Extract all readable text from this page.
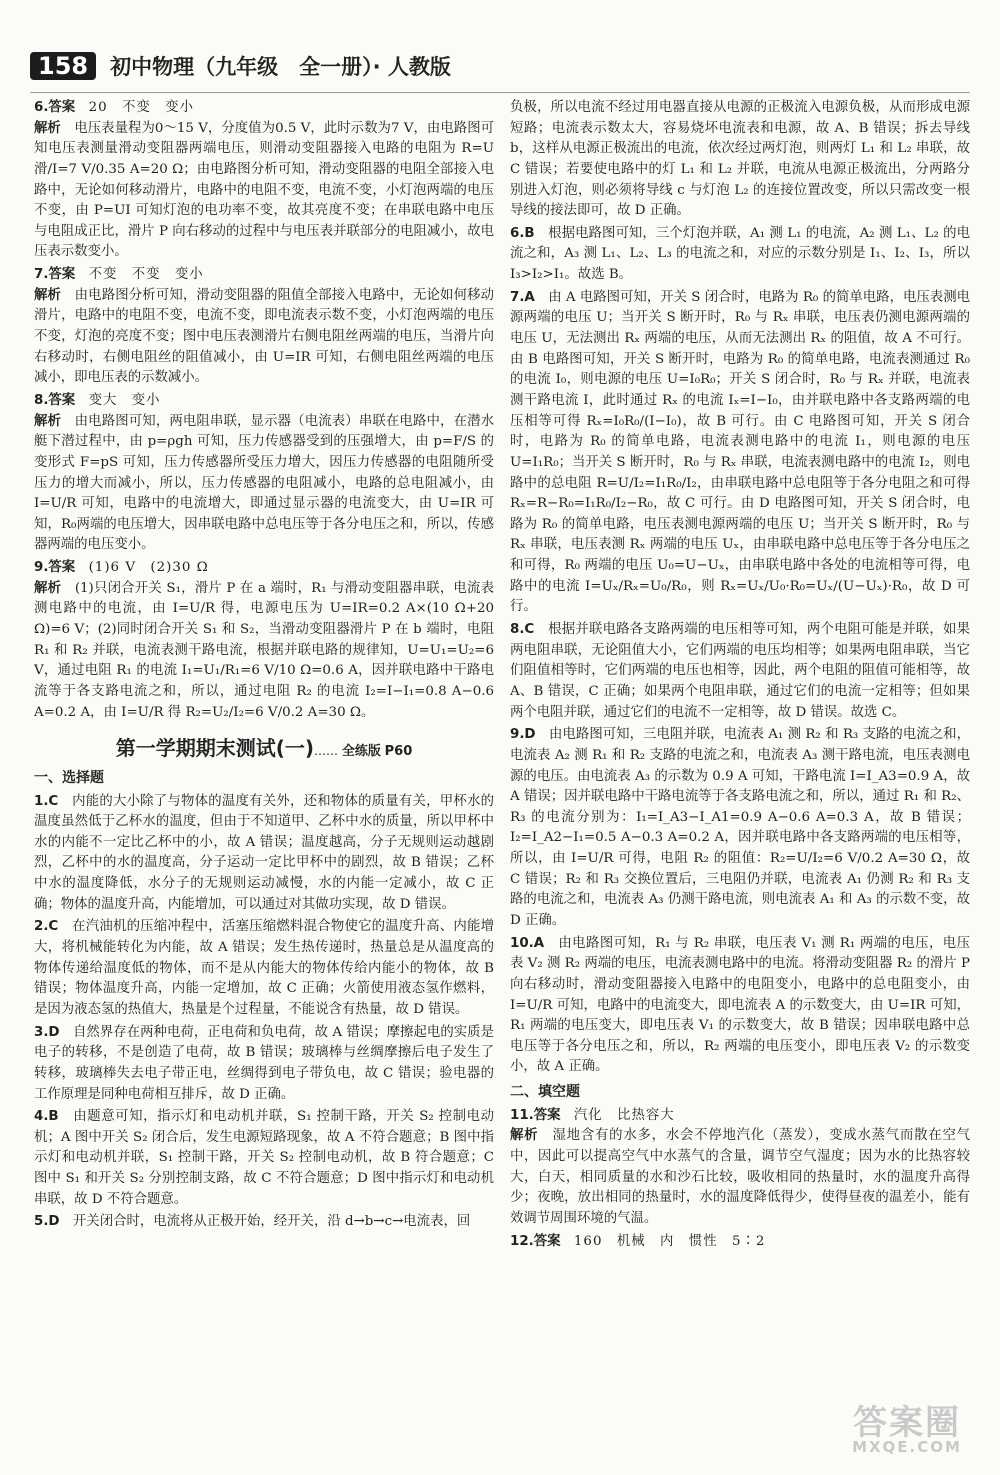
158	初中物理（九年级　全一册）· 人教版
6.答案　 20　不变　变小
解析　 电压表量程为0～15 V，分度值为0.5 V，此时示数为7 V，由电路图可知电压表测量滑动变阻器两端电压，则滑动变阻器接入电路的电阻为 R=U滑/I=7 V/0.35 A=20 Ω；由电路图分析可知，滑动变阻器的电阻全部接入电路中，无论如何移动滑片，电路中的电阻不变，电流不变，小灯泡两端的电压不变，由 P=UI 可知灯泡的电功率不变，故其亮度不变；在串联电路中电压与电阻成正比，滑片 P 向右移动的过程中与电压表并联部分的电阻减小，故电压表示数变小。
7.答案　 不变　不变　变小
解析　 由电路图分析可知，滑动变阻器的阻值全部接入电路中，无论如何移动滑片，电路中的电阻不变，电流不变，即电流表示数不变，小灯泡两端的电压不变，灯泡的亮度不变；图中电压表测滑片右侧电阻丝两端的电压，当滑片向右移动时，右侧电阻丝的阻值减小，由 U=IR 可知，右侧电阻丝两端的电压减小，即电压表的示数减小。
8.答案　 变大　变小
解析　 由电路图可知，两电阻串联，显示器（电流表）串联在电路中，在潜水艇下潜过程中，由 p=ρgh 可知，压力传感器受到的压强增大，由 p=F/S 的变形式 F=pS 可知，压力传感器所受压力增大，因压力传感器的电阻随所受压力的增大而减小，所以，压力传感器的电阻减小，电路的总电阻减小，由 I=U/R 可知，电路中的电流增大，即通过显示器的电流变大，由 U=IR 可知，R₀两端的电压增大，因串联电路中总电压等于各分电压之和，所以，传感器两端的电压变小。
9.答案　 (1)6 V　(2)30 Ω
解析　 (1)只闭合开关 S₁，滑片 P 在 a 端时，R₁ 与滑动变阻器串联，电流表测电路中的电流，由 I=U/R 得，电源电压为 U=IR=0.2 A×(10 Ω+20 Ω)=6 V；(2)同时闭合开关 S₁ 和 S₂，当滑动变阻器滑片 P 在 b 端时，电阻 R₁ 和 R₂ 并联，电流表测干路电流，根据并联电路的规律知，U=U₁=U₂=6 V，通过电阻 R₁ 的电流 I₁=U₁/R₁=6 V/10 Ω=0.6 A，因并联电路中干路电流等于各支路电流之和，所以，通过电阻 R₂ 的电流 I₂=I−I₁=0.8 A−0.6 A=0.2 A，由 I=U/R 得 R₂=U₂/I₂=6 V/0.2 A=30 Ω。
第一学期期末测试(一)…… 全练版 P60
一、选择题
1.C　 内能的大小除了与物体的温度有关外，还和物体的质量有关，甲杯水的温度虽然低于乙杯水的温度，但由于不知道甲、乙杯中水的质量，所以甲杯中水的内能不一定比乙杯中的小，故 A 错误；温度越高，分子无规则运动越剧烈，乙杯中的水的温度高，分子运动一定比甲杯中的剧烈，故 B 错误；乙杯中水的温度降低，水分子的无规则运动减慢，水的内能一定减小，故 C 正确；物体的温度升高，内能增加，可以通过对其做功实现，故 D 错误。
2.C　 在汽油机的压缩冲程中，活塞压缩燃料混合物使它的温度升高、内能增大，将机械能转化为内能，故 A 错误；发生热传递时，热量总是从温度高的物体传递给温度低的物体，而不是从内能大的物体传给内能小的物体，故 B 错误；物体温度升高，内能一定增加，故 C 正确；火箭使用液态氢作燃料，是因为液态氢的热值大，热量是个过程量，不能说含有热量，故 D 错误。
3.D　 自然界存在两种电荷，正电荷和负电荷，故 A 错误；摩擦起电的实质是电子的转移，不是创造了电荷，故 B 错误；玻璃棒与丝绸摩擦后电子发生了转移，玻璃棒失去电子带正电，丝绸得到电子带负电，故 C 错误；验电器的工作原理是同种电荷相互排斥，故 D 正确。
4.B　 由题意可知，指示灯和电动机并联，S₁ 控制干路，开关 S₂ 控制电动机；A 图中开关 S₂ 闭合后，发生电源短路现象，故 A 不符合题意；B 图中指示灯和电动机并联，S₁ 控制干路，开关 S₂ 控制电动机，故 B 符合题意；C 图中 S₁ 和开关 S₂ 分别控制支路，故 C 不符合题意；D 图中指示灯和电动机串联，故 D 不符合题意。
5.D　 开关闭合时，电流将从正极开始，经开关，沿 d→b→c→电流表，回
负极，所以电流不经过用电器直接从电源的正极流入电源负极，从而形成电源短路；电流表示数太大，容易烧坏电流表和电源，故 A、B 错误；拆去导线 b，这样从电源正极流出的电流，依次经过两灯泡，则两灯 L₁ 和 L₂ 串联，故 C 错误；若要使电路中的灯 L₁ 和 L₂ 并联，电流从电源正极流出，分两路分别进入灯泡，则必须将导线 c 与灯泡 L₂ 的连接位置改变，所以只需改变一根导线的接法即可，故 D 正确。
6.B　 根据电路图可知，三个灯泡并联，A₁ 测 L₁ 的电流，A₂ 测 L₁、L₂ 的电流之和，A₃ 测 L₁、L₂、L₃ 的电流之和，对应的示数分别是 I₁、I₂、I₃，所以 I₃>I₂>I₁。故选 B。
7.A　 由 A 电路图可知，开关 S 闭合时，电路为 R₀ 的简单电路，电压表测电源两端的电压 U；当开关 S 断开时，R₀ 与 Rₓ 串联，电压表仍测电源两端的电压 U，无法测出 Rₓ 两端的电压，从而无法测出 Rₓ 的阻值，故 A 不可行。由 B 电路图可知，开关 S 断开时，电路为 R₀ 的简单电路，电流表测通过 R₀ 的电流 I₀，则电源的电压 U=I₀R₀；开关 S 闭合时，R₀ 与 Rₓ 并联，电流表测干路电流 I，此时通过 Rₓ 的电流 Iₓ=I−I₀，由并联电路中各支路两端的电压相等可得 Rₓ=I₀R₀/(I−I₀)，故 B 可行。由 C 电路图可知，开关 S 闭合时，电路为 R₀ 的简单电路，电流表测电路中的电流 I₁，则电源的电压 U=I₁R₀；当开关 S 断开时，R₀ 与 Rₓ 串联，电流表测电路中的电流 I₂，则电路中的总电阻 R=U/I₂=I₁R₀/I₂，由串联电路中总电阻等于各分电阻之和可得 Rₓ=R−R₀=I₁R₀/I₂−R₀，故 C 可行。由 D 电路图可知，开关 S 闭合时，电路为 R₀ 的简单电路，电压表测电源两端的电压 U；当开关 S 断开时，R₀ 与 Rₓ 串联，电压表测 Rₓ 两端的电压 Uₓ，由串联电路中总电压等于各分电压之和可得，R₀ 两端的电压 U₀=U−Uₓ，由串联电路中各处的电流相等可得，电路中的电流 I=Uₓ/Rₓ=U₀/R₀，则 Rₓ=Uₓ/U₀·R₀=Uₓ/(U−Uₓ)·R₀，故 D 可行。
8.C　 根据并联电路各支路两端的电压相等可知，两个电阻可能是并联，如果两电阻串联，无论阻值大小，它们两端的电压均相等；如果两电阻串联，当它们阻值相等时，它们两端的电压也相等，因此，两个电阻的阻值可能相等，故 A、B 错误，C 正确；如果两个电阻串联，通过它们的电流一定相等；但如果两个电阻并联，通过它们的电流不一定相等，故 D 错误。故选 C。
9.D　 由电路图可知，三电阻并联，电流表 A₁ 测 R₂ 和 R₃ 支路的电流之和，电流表 A₂ 测 R₁ 和 R₂ 支路的电流之和，电流表 A₃ 测干路电流，电压表测电源的电压。由电流表 A₃ 的示数为 0.9 A 可知，干路电流 I=I_A3=0.9 A，故 A 错误；因并联电路中干路电流等于各支路电流之和，所以，通过 R₁ 和 R₂、R₃ 的电流分别为：I₁=I_A3−I_A1=0.9 A−0.6 A=0.3 A，故 B 错误；I₂=I_A2−I₁=0.5 A−0.3 A=0.2 A，因并联电路中各支路两端的电压相等，所以，由 I=U/R 可得，电阻 R₂ 的阻值：R₂=U/I₂=6 V/0.2 A=30 Ω，故 C 错误；R₂ 和 R₃ 交换位置后，三电阻仍并联，电流表 A₁ 仍测 R₂ 和 R₃ 支路的电流之和，电流表 A₃ 仍测干路电流，则电流表 A₁ 和 A₃ 的示数不变，故 D 正确。
10.A　 由电路图可知，R₁ 与 R₂ 串联，电压表 V₁ 测 R₁ 两端的电压，电压表 V₂ 测 R₂ 两端的电压，电流表测电路中的电流。将滑动变阻器 R₂ 的滑片 P 向右移动时，滑动变阻器接入电路中的电阻变小，电路中的总电阻变小，由 I=U/R 可知，电路中的电流变大，即电流表 A 的示数变大，由 U=IR 可知，R₁ 两端的电压变大，即电压表 V₁ 的示数变大，故 B 错误；因串联电路中总电压等于各分电压之和，所以，R₂ 两端的电压变小，即电压表 V₂ 的示数变小，故 A 正确。
二、填空题
11.答案　 汽化　比热容大
解析　 湿地含有的水多，水会不停地汽化（蒸发），变成水蒸气而散在空气中，因此可以提高空气中水蒸气的含量，调节空气湿度；因为水的比热容较大，白天，相同质量的水和沙石比较，吸收相同的热量时，水的温度升高得少；夜晚，放出相同的热量时，水的温度降低得少，使得昼夜的温差小，能有效调节周围环境的气温。
12.答案　 160　机械　内　惯性　5∶2
答案圈
MXQE.COM
